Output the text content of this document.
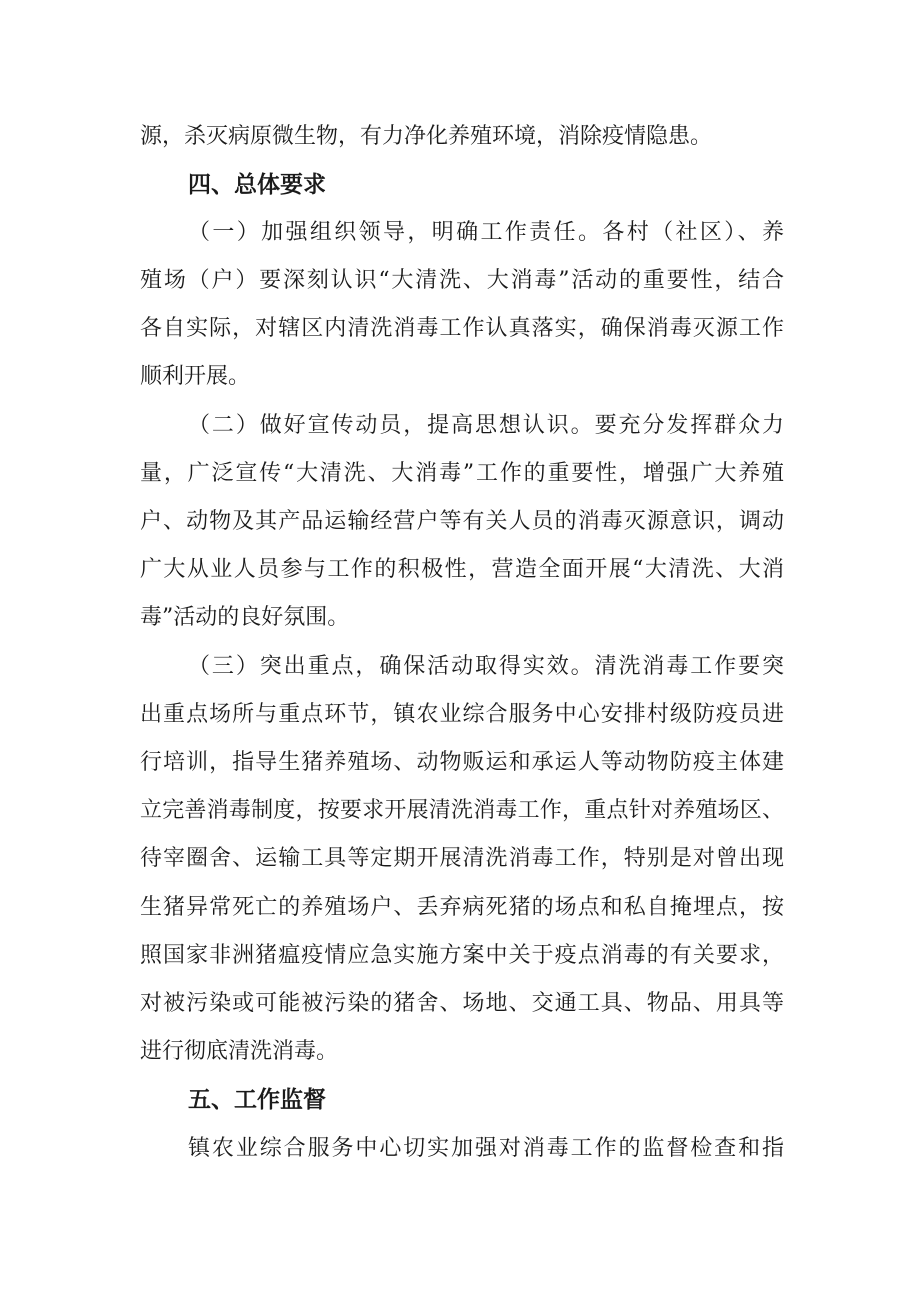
源，杀灭病原微生物，有力净化养殖环境，消除疫情隐患。
四、总体要求
（一）加强组织领导，明确工作责任。各村（社区）、养
殖场（户）要深刻认识“大清洗、大消毒”活动的重要性，结合
各自实际，对辖区内清洗消毒工作认真落实，确保消毒灭源工作
顺利开展。
（二）做好宣传动员，提高思想认识。要充分发挥群众力
量，广泛宣传“大清洗、大消毒”工作的重要性，增强广大养殖
户、动物及其产品运输经营户等有关人员的消毒灭源意识，调动
广大从业人员参与工作的积极性，营造全面开展“大清洗、大消
毒”活动的良好氛围。
（三）突出重点，确保活动取得实效。清洗消毒工作要突
出重点场所与重点环节，镇农业综合服务中心安排村级防疫员进
行培训，指导生猪养殖场、动物贩运和承运人等动物防疫主体建
立完善消毒制度，按要求开展清洗消毒工作，重点针对养殖场区、
待宰圈舍、运输工具等定期开展清洗消毒工作，特别是对曾出现
生猪异常死亡的养殖场户、丢弃病死猪的场点和私自掩埋点，按
照国家非洲猪瘟疫情应急实施方案中关于疫点消毒的有关要求，
对被污染或可能被污染的猪舍、场地、交通工具、物品、用具等
进行彻底清洗消毒。
五、工作监督
镇农业综合服务中心切实加强对消毒工作的监督检查和指
